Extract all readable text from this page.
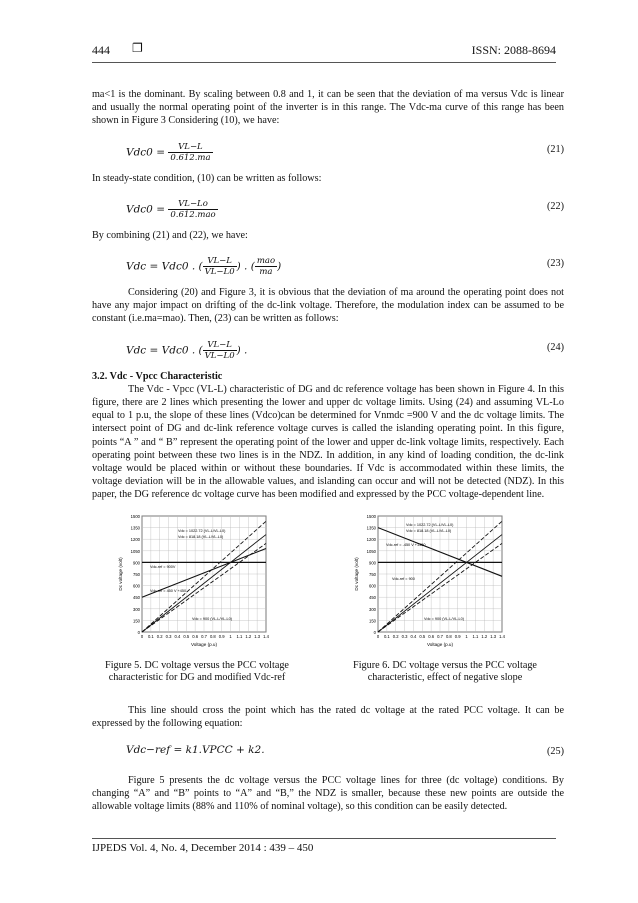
444 ❐	ISSN: 2088-8694

ma<1 is the dominant. By scaling between 0.8 and 1, it can be seen that the deviation of ma versus Vdc is linear and usually the normal operating point of the inverter is in this range. The Vdc-ma curve of this range has been shown in Figure 3 Considering (10), we have:

$Vdc0 = \frac{VL-L}{0.612.ma}$	(21)

In steady-state condition, (10) can be written as follows:

$Vdc0 = \frac{VL-Lo}{\text{0.612.mao}}$	(22)

By combining (21) and (22), we have:

Vdc = Vdc0 . ( $\frac{VL-L}{VL-L0}$ ) . ( $\frac{\text{mao}}{ma}$ )	(23)

Considering (20) and Figure 3, it is obvious that the deviation of ma around the operating point does not have any major impact on drifting of the dc-link voltage. Therefore, the modulation index can be assumed to be constant (i.e.ma=mao). Then, (23) can be written as follows:

Vdc = Vdc0 . ( $\frac{VL-L}{VL-L0}$ ) .	(24)

3.2. Vdc - Vpcc Characteristic

The Vdc - Vpcc (VL-L) characteristic of DG and dc reference voltage has been shown in Figure 4. In this figure, there are 2 lines which presenting the lower and upper dc voltage limits. Using (24) and assuming VL-Lo equal to 1 p.u, the slope of these lines (Vdco)can be determined for Vnmdc =900 V and the dc voltage limits. The intersect point of DG and dc-link reference voltage curves is called the islanding operating point. In this figure, points “A ” and “ B” represent the operating point of the lower and upper dc-link voltage limits, respectively. Each operating point between these two lines is in the NDZ. In addition, in any kind of loading condition, the dc-link voltage would be placed within or without these boundaries. If Vdc is accommodated within these limits, the voltage deviation will be in the allowable values, and islanding can occur and will not be detected (NDZ). In this paper, the DG reference dc voltage curve has been modified and expressed by the PCC voltage-dependent line.

0
150
300
450
600
750
900
1050
1200
1350
1500
0 0.1 0.2 0.3 0.4 0.5 0.6 0.7 0.8 0.9 1 1.1 1.2 1.3 1.4
Vdc = 1022.72 (VL-L/VL-L0)
Vdc = 818.18 (VL-L/VL-L0)
Vdc-ref = 900V
Vdc-ref = 450 V +450
Vdc = 900 (VL-L/VL-L0)
Dc voltage (volt)
Voltage (p.u)
0
150
300
450
600
750
900
1050
1200
1350
1500
0 0.1 0.2 0.3 0.4 0.5 0.6 0.7 0.8 0.9 1 1.1 1.2 1.3 1.4
Vdc = 1022.72 (VL-L/VL-L0)
Vdc = 818.18 (VL-L/VL-L0)
Vdc-ref = -450 V +1350
Vdc-ref = 900
Vdc = 900 (VL-L/VL-L0)
Dc voltage (volt)
Voltage (p.u)
Figure 5. DC voltage versus the PCC voltage characteristic for DG and modified Vdc-ref
Figure 6. DC voltage versus the PCC voltage characteristic, effect of negative slope

This line should cross the point which has the rated dc voltage at the rated PCC voltage. It can be expressed by the following equation:

Vdc−ref = k1.VPCC + k2.	(25)

Figure 5 presents the dc voltage versus the PCC voltage lines for three (dc voltage) conditions. By changing “A” and “B” points to “A” and “B,” the NDZ is smaller, because these new points are outside the allowable voltage limits (88% and 110% of nominal voltage), so this condition can be easily detected.

IJPEDS Vol. 4, No. 4, December 2014 : 439 – 450
